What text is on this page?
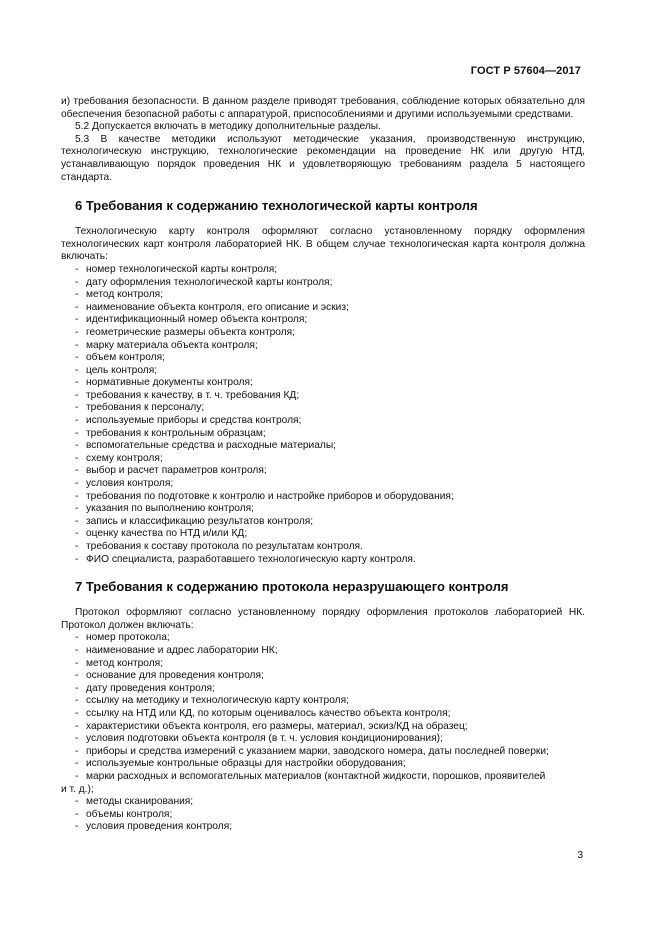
ГОСТ Р 57604—2017

и) требования безопасности. В данном разделе приводят требования, соблюдение которых обязательно для обеспечения безопасной работы с аппаратурой, приспособлениями и другими используемыми средствами.

5.2 Допускается включать в методику дополнительные разделы.

5.3 В качестве методики используют методические указания, производственную инструкцию, технологическую инструкцию, технологические рекомендации на проведение НК или другую НТД, устанавливающую порядок проведения НК и удовлетворяющую требованиям раздела 5 настоящего стандарта.

6 Требования к содержанию технологической карты контроля

Технологическую карту контроля оформляют согласно установленному порядку оформления технологических карт контроля лабораторией НК. В общем случае технологическая карта контроля должна включать:

- номер технологической карты контроля;
- дату оформления технологической карты контроля;
- метод контроля;
- наименование объекта контроля, его описание и эскиз;
- идентификационный номер объекта контроля;
- геометрические размеры объекта контроля;
- марку материала объекта контроля;
- объем контроля;
- цель контроля;
- нормативные документы контроля;
- требования к качеству, в т. ч. требования КД;
- требования к персоналу;
- используемые приборы и средства контроля;
- требования к контрольным образцам;
- вспомогательные средства и расходные материалы;
- схему контроля;
- выбор и расчет параметров контроля;
- условия контроля;
- требования по подготовке к контролю и настройке приборов и оборудования;
- указания по выполнению контроля;
- запись и классификацию результатов контроля;
- оценку качества по НТД и/или КД;
- требования к составу протокола по результатам контроля.
- ФИО специалиста, разработавшего технологическую карту контроля.
7 Требования к содержанию протокола неразрушающего контроля

Протокол оформляют согласно установленному порядку оформления протоколов лабораторией НК. Протокол должен включать:

- номер протокола;
- наименование и адрес лаборатории НК;
- метод контроля;
- основание для проведения контроля;
- дату проведения контроля;
- ссылку на методику и технологическую карту контроля;
- ссылку на НТД или КД, по которым оценивалось качество объекта контроля;
- характеристики объекта контроля, его размеры, материал, эскиз/КД на образец;
- условия подготовки объекта контроля (в т. ч. условия кондиционирования);
- приборы и средства измерений с указанием марки, заводского номера, даты последней поверки;
- используемые контрольные образцы для настройки оборудования;
- марки расходных и вспомогательных материалов (контактной жидкости, порошков, проявителей

и т. д.);

- методы сканирования;
- объемы контроля;
- условия проведения контроля;
3
